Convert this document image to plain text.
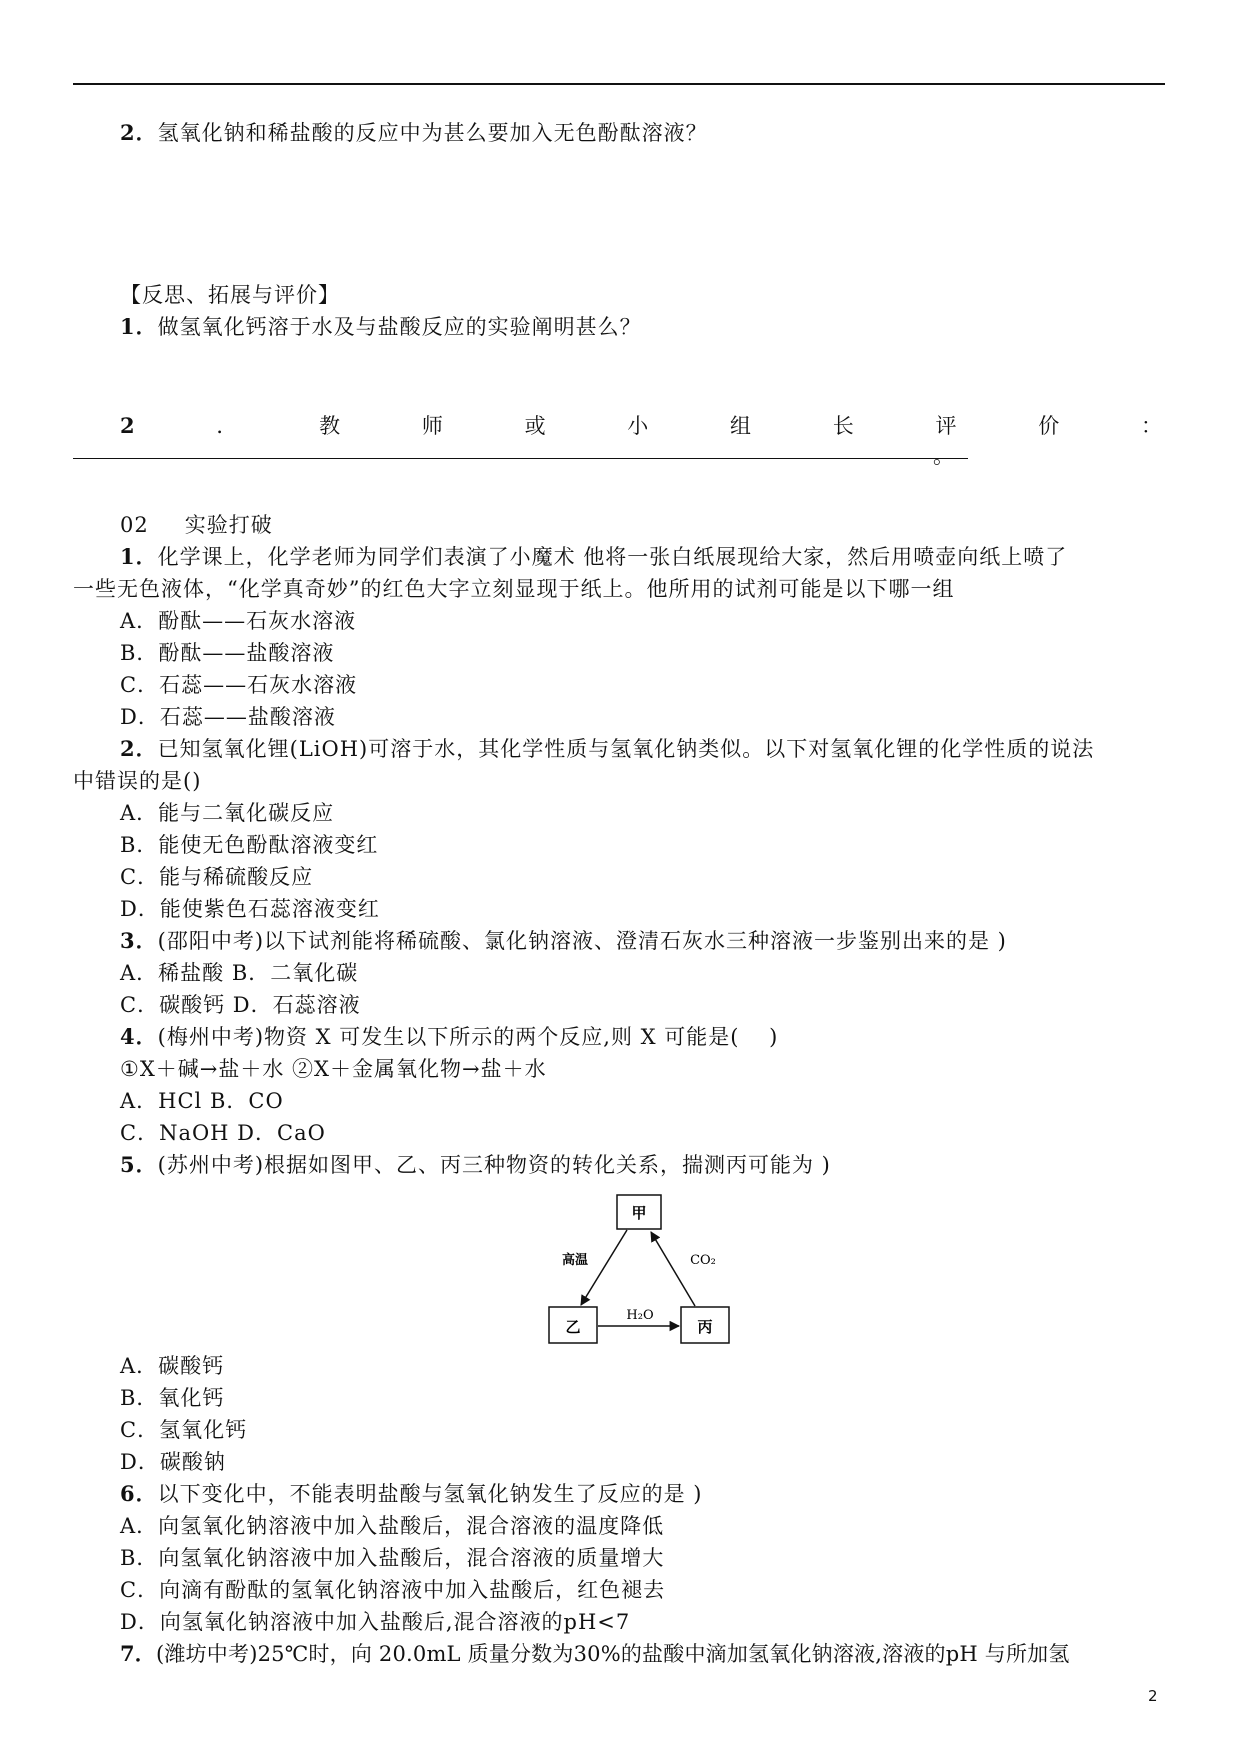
2．氢氧化钠和稀盐酸的反应中为甚么要加入无色酚酞溶液？
【反思、拓展与评价】
1．做氢氧化钙溶于水及与盐酸反应的实验阐明甚么？
2	．	教	师	或	小	组	长	评	价	：
。
02 实验打破
1．化学课上，化学老师为同学们表演了小魔术 他将一张白纸展现给大家，然后用喷壶向纸上喷了
一些无色液体，“化学真奇妙”的红色大字立刻显现于纸上。他所用的试剂可能是以下哪一组
A．酚酞——石灰水溶液
B．酚酞——盐酸溶液
C．石蕊——石灰水溶液
D．石蕊——盐酸溶液
2．已知氢氧化锂(LiOH)可溶于水，其化学性质与氢氧化钠类似。以下对氢氧化锂的化学性质的说法
中错误的是()
A．能与二氧化碳反应
B．能使无色酚酞溶液变红
C．能与稀硫酸反应
D．能使紫色石蕊溶液变红
3．(邵阳中考)以下试剂能将稀硫酸、氯化钠溶液、澄清石灰水三种溶液一步鉴别出来的是 )
A．稀盐酸 B．二氧化碳
C．碳酸钙 D．石蕊溶液
4．(梅州中考)物资 X 可发生以下所示的两个反应,则 X 可能是(　 )
①X＋碱→盐＋水 ②X＋金属氧化物→盐＋水
A．HCl B．CO
C．NaOH D．CaO
5．(苏州中考)根据如图甲、乙、丙三种物资的转化关系，揣测丙可能为 )
甲
乙	丙
高温	CO₂
H₂O
A．碳酸钙
B．氧化钙
C．氢氧化钙
D．碳酸钠
6．以下变化中，不能表明盐酸与氢氧化钠发生了反应的是 )
A．向氢氧化钠溶液中加入盐酸后，混合溶液的温度降低
B．向氢氧化钠溶液中加入盐酸后，混合溶液的质量增大
C．向滴有酚酞的氢氧化钠溶液中加入盐酸后，红色褪去
D．向氢氧化钠溶液中加入盐酸后,混合溶液的pH<7
7．(潍坊中考)25℃时，向 20.0mL 质量分数为30%的盐酸中滴加氢氧化钠溶液,溶液的pH 与所加氢
2
